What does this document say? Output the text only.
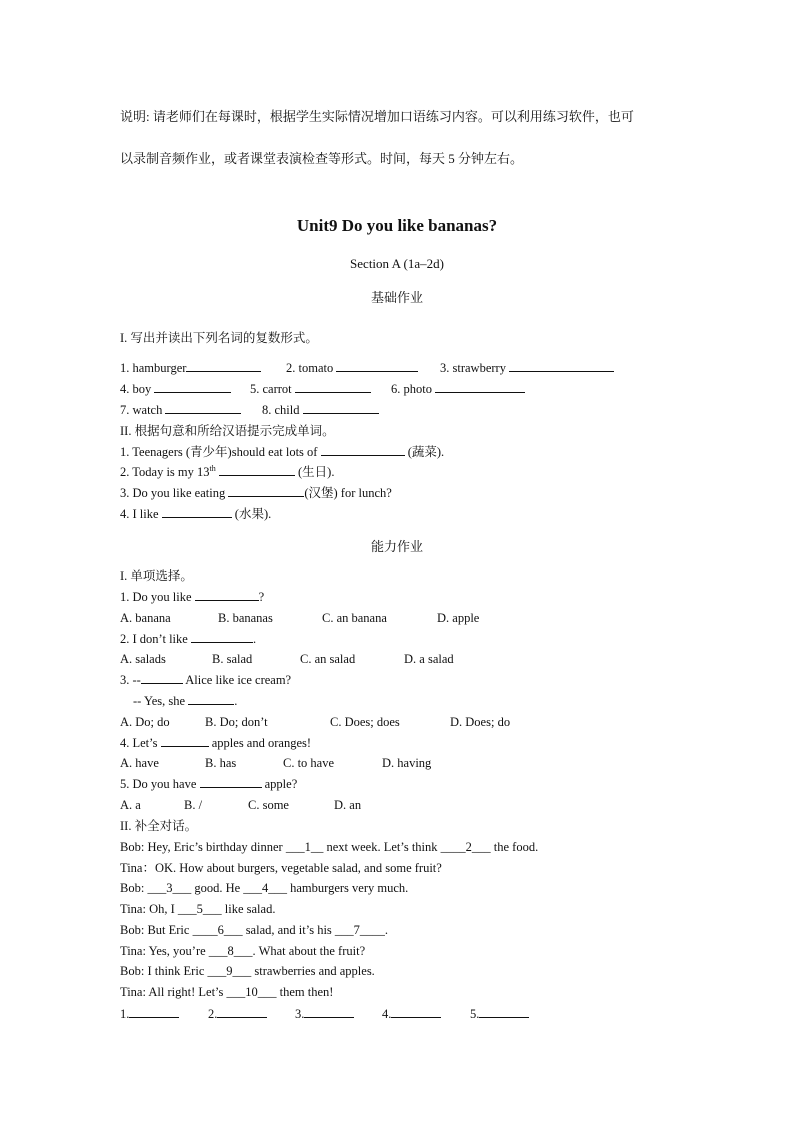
说明: 请老师们在每课时，根据学生实际情况增加口语练习内容。可以利用练习软件，也可
以录制音频作业，或者课堂表演检查等形式。时间，每天 5 分钟左右。
Unit9 Do you like bananas?
Section A (1a–2d)
基础作业
I. 写出并读出下列名词的复数形式。
1. hamburger	2. tomato	3. strawberry
4. boy	5. carrot	6. photo
7. watch	8. child
II. 根据句意和所给汉语提示完成单词。
1. Teenagers (青少年)should eat lots of	(蔬菜).
2. Today is my 13th	(生日).
3. Do you like eating	(汉堡) for lunch?
4. I like	(水果).
能力作业
I. 单项选择。
1. Do you like	?
A. banana	B. bananas	C. an banana	D. apple
2. I don’t like	.
A. salads	B. salad	C. an salad	D. a salad
3. --	Alice like ice cream?
-- Yes, she	.
A. Do; do	B. Do; don’t	C. Does; does	D. Does; do
4. Let’s	apples and oranges!
A. have	B. has	C. to have	D. having
5. Do you have	apple?
A. a	B. /	C. some	D. an
II. 补全对话。
Bob: Hey, Eric’s birthday dinner ___1__ next week. Let’s think ____2___ the food.
Tina：OK. How about burgers, vegetable salad, and some fruit?
Bob: ___3___ good. He ___4___ hamburgers very much.
Tina: Oh, I ___5___ like salad.
Bob: But Eric ____6___ salad, and it’s his ___7____.
Tina: Yes, you’re ___8___. What about the fruit?
Bob: I think Eric ___9___ strawberries and apples.
Tina: All right! Let’s ___10___ them then!
1.	2.	3.	4.	5.
